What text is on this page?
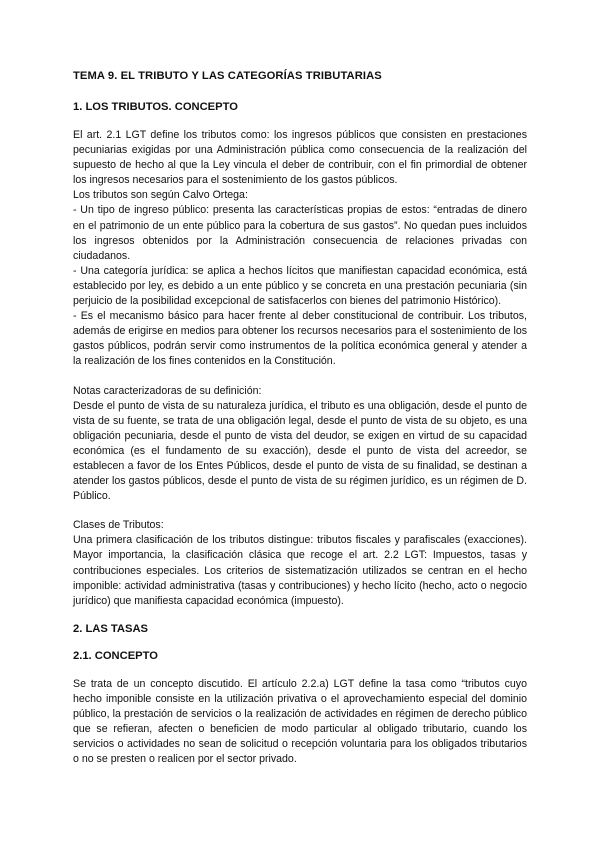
TEMA 9. EL TRIBUTO Y LAS CATEGORÍAS TRIBUTARIAS
1. LOS TRIBUTOS. CONCEPTO

El art. 2.1 LGT define los tributos como: los ingresos públicos que consisten en prestaciones pecuniarias exigidas por una Administración pública como consecuencia de la realización del supuesto de hecho al que la Ley vincula el deber de contribuir, con el fin primordial de obtener los ingresos necesarios para el sostenimiento de los gastos públicos.

Los tributos son según Calvo Ortega:

- Un tipo de ingreso público: presenta las características propias de estos: “entradas de dinero en el patrimonio de un ente público para la cobertura de sus gastos”. No quedan pues incluidos los ingresos obtenidos por la Administración consecuencia de relaciones privadas con ciudadanos.

- Una categoría jurídica: se aplica a hechos lícitos que manifiestan capacidad económica, está establecido por ley, es debido a un ente público y se concreta en una prestación pecuniaria (sin perjuicio de la posibilidad excepcional de satisfacerlos con bienes del patrimonio Histórico).

- Es el mecanismo básico para hacer frente al deber constitucional de contribuir. Los tributos, además de erigirse en medios para obtener los recursos necesarios para el sostenimiento de los gastos públicos, podrán servir como instrumentos de la política económica general y atender a la realización de los fines contenidos en la Constitución.

Notas caracterizadoras de su definición:

Desde el punto de vista de su naturaleza jurídica, el tributo es una obligación, desde el punto de vista de su fuente, se trata de una obligación legal, desde el punto de vista de su objeto, es una obligación pecuniaria, desde el punto de vista del deudor, se exigen en virtud de su capacidad económica (es el fundamento de su exacción), desde el punto de vista del acreedor, se establecen a favor de los Entes Públicos, desde el punto de vista de su finalidad, se destinan a atender los gastos públicos, desde el punto de vista de su régimen jurídico, es un régimen de D. Público.

Clases de Tributos:

Una primera clasificación de los tributos distingue: tributos fiscales y parafiscales (exacciones). Mayor importancia, la clasificación clásica que recoge el art. 2.2 LGT: Impuestos, tasas y contribuciones especiales. Los criterios de sistematización utilizados se centran en el hecho imponible: actividad administrativa (tasas y contribuciones) y hecho lícito (hecho, acto o negocio jurídico) que manifiesta capacidad económica (impuesto).

2. LAS TASAS
2.1. CONCEPTO

Se trata de un concepto discutido. El artículo 2.2.a) LGT define la tasa como “tributos cuyo hecho imponible consiste en la utilización privativa o el aprovechamiento especial del dominio público, la prestación de servicios o la realización de actividades en régimen de derecho público que se refieran, afecten o beneficien de modo particular al obligado tributario, cuando los servicios o actividades no sean de solicitud o recepción voluntaria para los obligados tributarios o no se presten o realicen por el sector privado.
